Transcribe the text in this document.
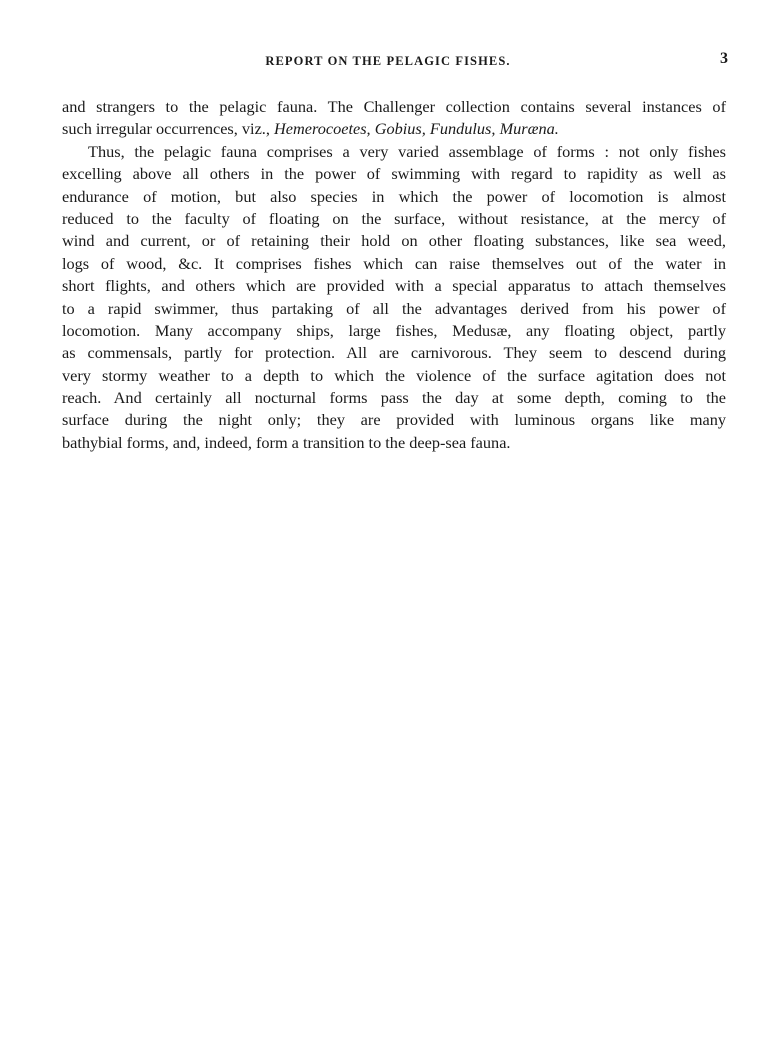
REPORT ON THE PELAGIC FISHES.	3
and strangers to the pelagic fauna. The Challenger collection contains several instances of
such irregular occurrences, viz., Hemerocoetes, Gobius, Fundulus, Muræna.
Thus, the pelagic fauna comprises a very varied assemblage of forms : not only fishes
excelling above all others in the power of swimming with regard to rapidity as well as
endurance of motion, but also species in which the power of locomotion is almost
reduced to the faculty of floating on the surface, without resistance, at the mercy of
wind and current, or of retaining their hold on other floating substances, like sea weed,
logs of wood, &c. It comprises fishes which can raise themselves out of the water in
short flights, and others which are provided with a special apparatus to attach themselves
to a rapid swimmer, thus partaking of all the advantages derived from his power of
locomotion. Many accompany ships, large fishes, Medusæ, any floating object, partly
as commensals, partly for protection. All are carnivorous. They seem to descend during
very stormy weather to a depth to which the violence of the surface agitation does not
reach. And certainly all nocturnal forms pass the day at some depth, coming to the
surface during the night only; they are provided with luminous organs like many
bathybial forms, and, indeed, form a transition to the deep-sea fauna.
